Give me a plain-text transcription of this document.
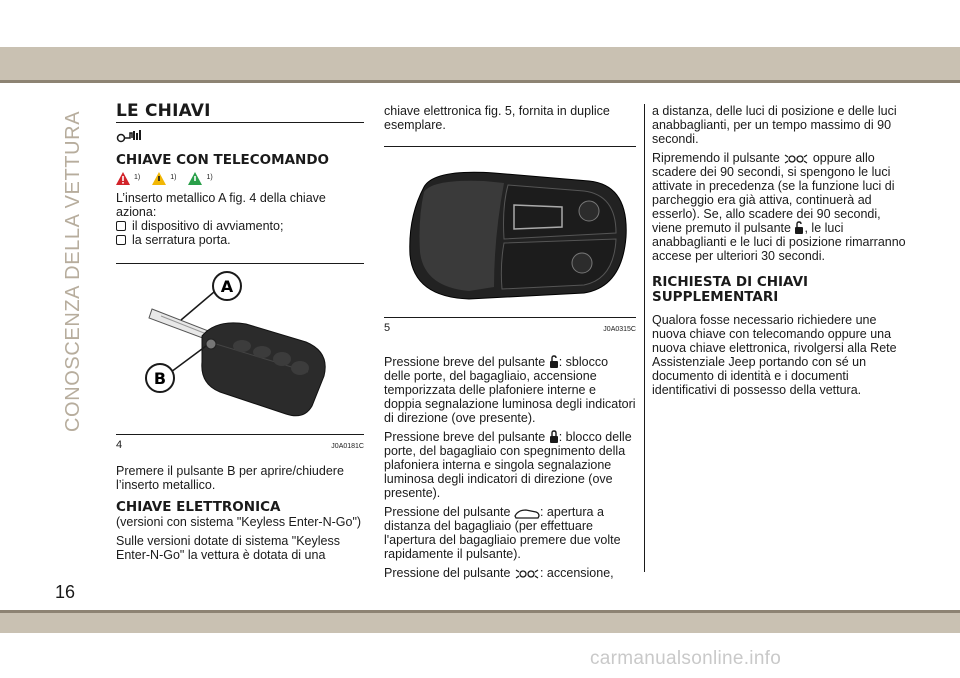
CONOSCENZA DELLA VETTURA LE CHIAVI
CHIAVE CON TELECOMANDO
1)	1)	1)

L’inserto metallico A fig. 4 della chiave azionа:

il dispositivo di avviamento;
la serratura porta.
A
B
4	J0A0181C

Premere il pulsante B per aprire/chiudere l’inserto metallico.

CHIAVE ELETTRONICA

(versioni con sistema "Keyless Enter-N-Go")

Sulle versioni dotate di sistema "Keyless Enter-N-Go" la vettura è dotata di una

chiave elettronica fig. 5, fornita in duplice esemplare.

5	J0A0315C

Pressione breve del pulsante : sblocco delle porte, del bagagliaio, accensione temporizzata delle plafoniere interne e doppia segnalazione luminosa degli indicatori di direzione (ove presente).

Pressione breve del pulsante : blocco delle porte, del bagagliaio con spegnimento della plafoniera interna e singola segnalazione luminosa degli indicatori di direzione (ove presente).

Pressione del pulsante : apertura a distanza del bagagliaio (per effettuare l'apertura del bagagliaio premere due volte rapidamente il pulsante).

Pressione del pulsante : accensione,

a distanza, delle luci di posizione e delle luci anabbaglianti, per un tempo massimo di 90 secondi.

Ripremendo il pulsante	oppure allo scadere dei 90 secondi, si spengono le luci attivate in precedenza (se la funzione luci di parcheggio era già attiva, continuerà ad esserlo). Se, allo scadere dei 90 secondi, viene premuto il pulsante , le luci anabbaglianti e le luci di posizione rimarranno accese per ulteriori 30 secondi.

RICHIESTA DI CHIAVI SUPPLEMENTARI

Qualora fosse necessario richiedere une nuova chiave con telecomando oppure una nuova chiave elettronica, rivolgersi alla Rete Assistenziale Jeep portando con sé un documento di identità e i documenti identificativi di possesso della vettura.

16
carmanualsonline.info
